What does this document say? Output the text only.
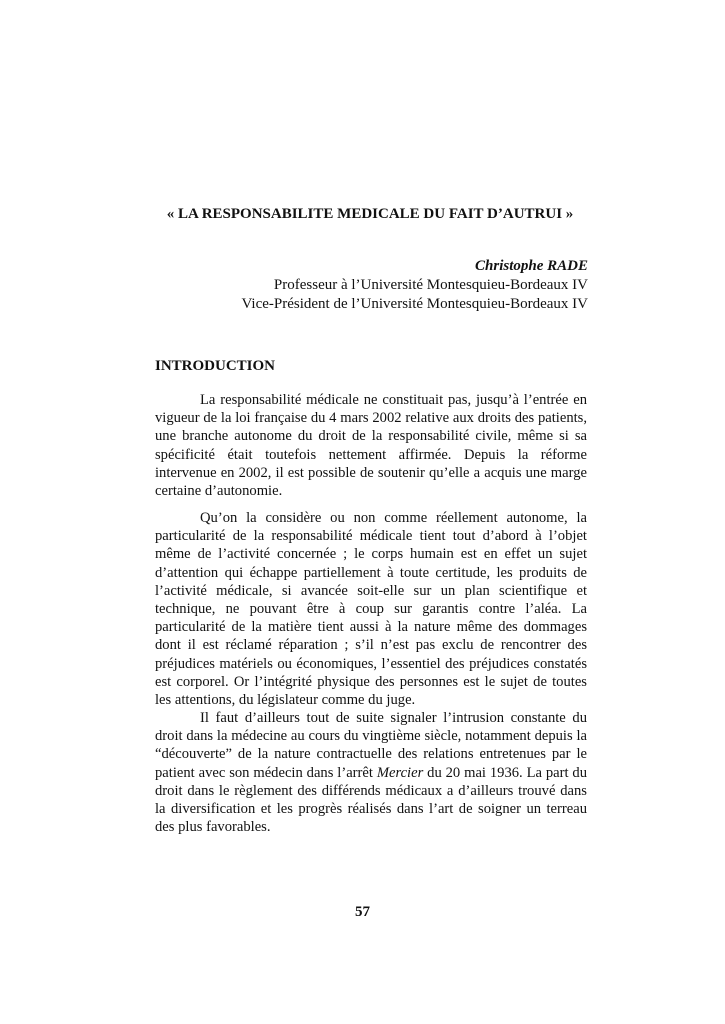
« LA RESPONSABILITE MEDICALE DU FAIT D’AUTRUI »
Christophe RADE
Professeur à l’Université Montesquieu-Bordeaux IV
Vice-Président de l’Université Montesquieu-Bordeaux IV
INTRODUCTION

La responsabilité médicale ne constituait pas, jusqu’à l’entrée en vigueur de la loi française du 4 mars 2002 relative aux droits des patients, une branche autonome du droit de la responsabilité civile, même si sa spécificité était toutefois nettement affirmée. Depuis la réforme intervenue en 2002, il est possible de soutenir qu’elle a acquis une marge certaine d’autonomie.

Qu’on la considère ou non comme réellement autonome, la particularité de la responsabilité médicale tient tout d’abord à l’objet même de l’activité concernée ; le corps humain est en effet un sujet d’attention qui échappe partiellement à toute certitude, les produits de l’activité médicale, si avancée soit-elle sur un plan scientifique et technique, ne pouvant être à coup sur garantis contre l’aléa. La particularité de la matière tient aussi à la nature même des dommages dont il est réclamé réparation ; s’il n’est pas exclu de rencontrer des préjudices matériels ou économiques, l’essentiel des préjudices constatés est corporel. Or l’intégrité physique des personnes est le sujet de toutes les attentions, du législateur comme du juge.

Il faut d’ailleurs tout de suite signaler l’intrusion constante du droit dans la médecine au cours du vingtième siècle, notamment depuis la “découverte” de la nature contractuelle des relations entretenues par le patient avec son médecin dans l’arrêt Mercier du 20 mai 1936. La part du droit dans le règlement des différends médicaux a d’ailleurs trouvé dans la diversification et les progrès réalisés dans l’art de soigner un terreau des plus favorables.

57
